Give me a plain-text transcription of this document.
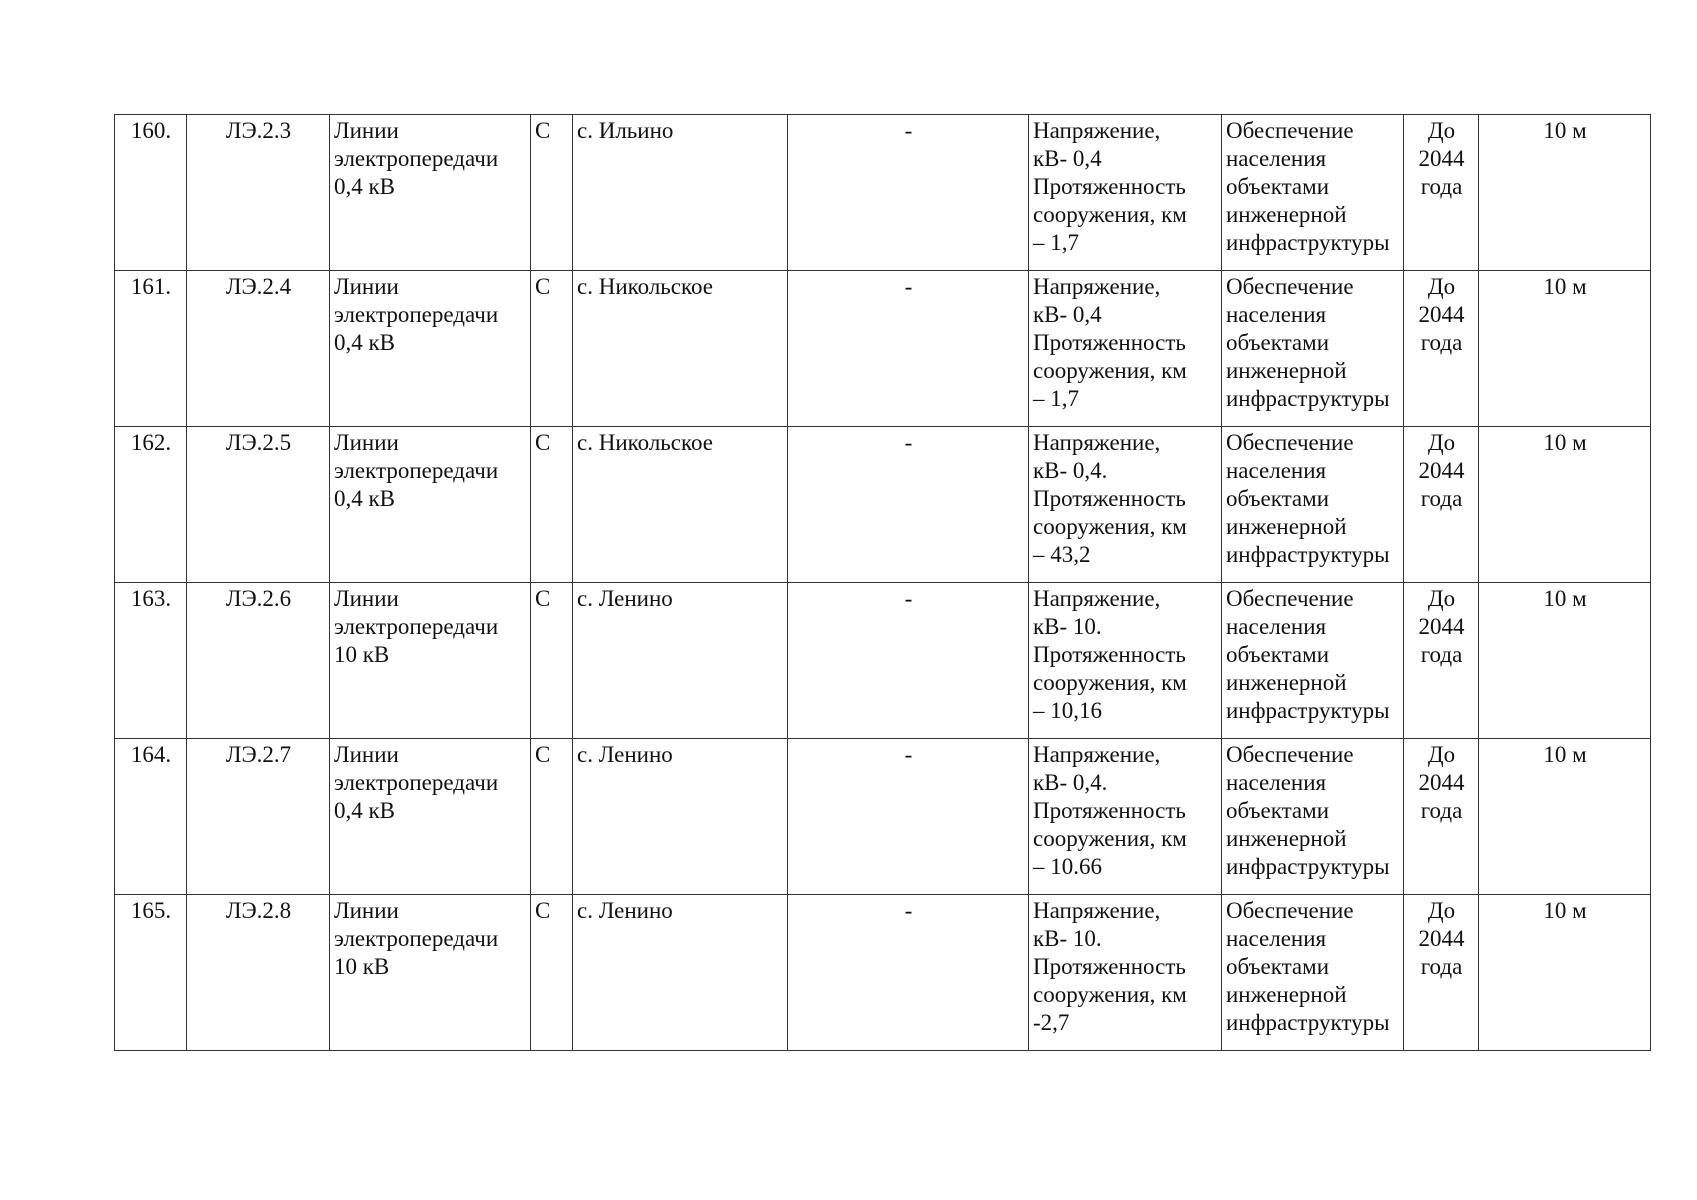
160.	ЛЭ.2.3	Линии
электропередачи
0,4 кВ	С	с. Ильино	-	Напряжение,
кВ- 0,4
Протяженность
сооружения, км
– 1,7	Обеспечение
населения
объектами
инженерной
инфраструктуры	До
2044
года	10 м
161.	ЛЭ.2.4	Линии
электропередачи
0,4 кВ	С	с. Никольское	-	Напряжение,
кВ- 0,4
Протяженность
сооружения, км
– 1,7	Обеспечение
населения
объектами
инженерной
инфраструктуры	До
2044
года	10 м
162.	ЛЭ.2.5	Линии
электропередачи
0,4 кВ	С	с. Никольское	-	Напряжение,
кВ- 0,4.
Протяженность
сооружения, км
– 43,2	Обеспечение
населения
объектами
инженерной
инфраструктуры	До
2044
года	10 м
163.	ЛЭ.2.6	Линии
электропередачи
10 кВ	С	с. Ленино	-	Напряжение,
кВ- 10.
Протяженность
сооружения, км
– 10,16	Обеспечение
населения
объектами
инженерной
инфраструктуры	До
2044
года	10 м
164.	ЛЭ.2.7	Линии
электропередачи
0,4 кВ	С	с. Ленино	-	Напряжение,
кВ- 0,4.
Протяженность
сооружения, км
– 10.66	Обеспечение
населения
объектами
инженерной
инфраструктуры	До
2044
года	10 м
165.	ЛЭ.2.8	Линии
электропередачи
10 кВ	С	с. Ленино	-	Напряжение,
кВ- 10.
Протяженность
сооружения, км
-2,7	Обеспечение
населения
объектами
инженерной
инфраструктуры	До
2044
года	10 м
